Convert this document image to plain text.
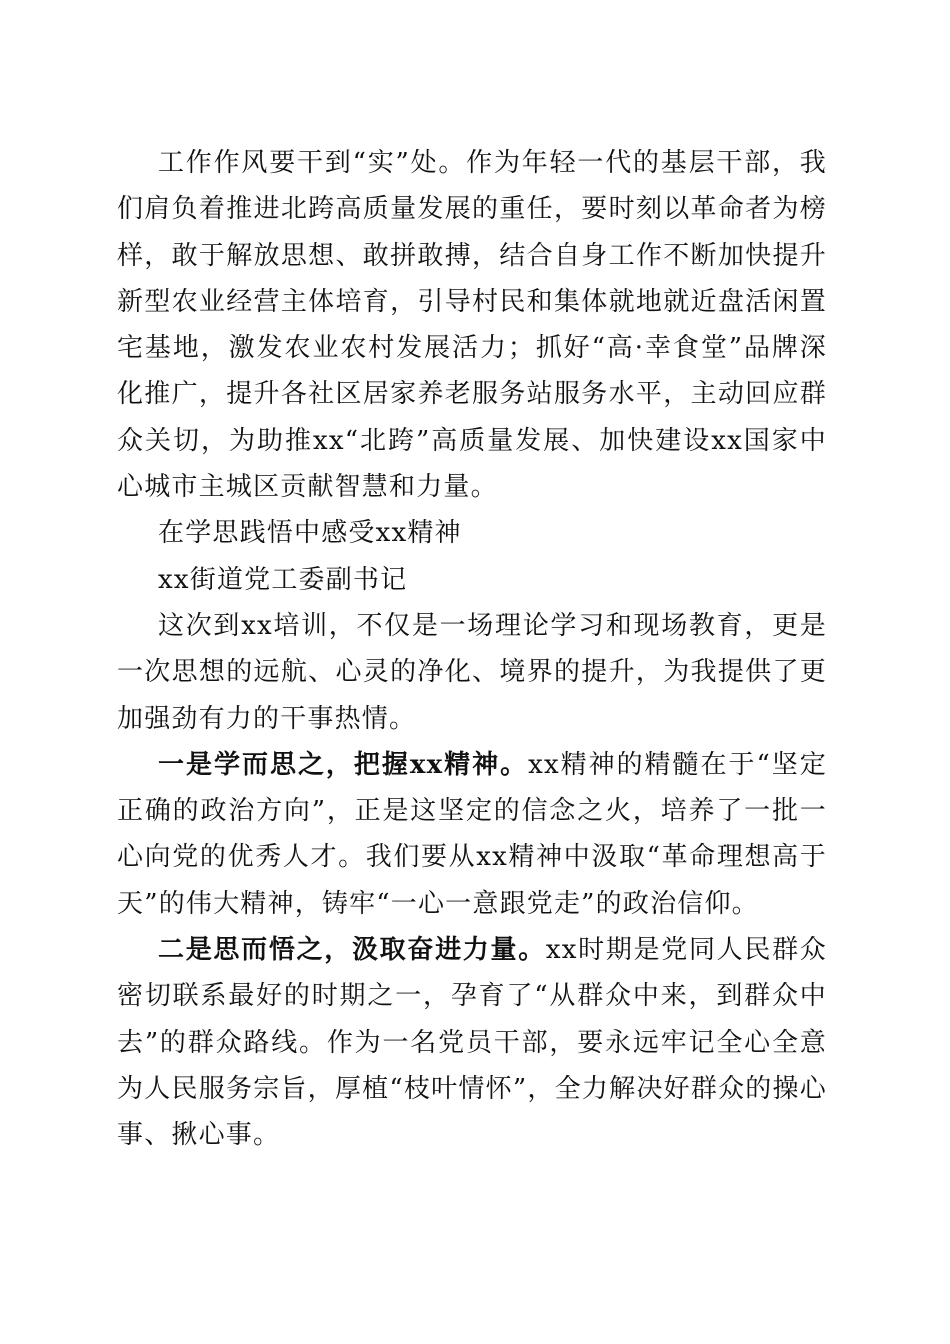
工作作风要干到“实”处。作为年轻一代的基层干部，我们肩负着推进北跨高质量发展的重任，要时刻以革命者为榜样，敢于解放思想、敢拼敢搏，结合自身工作不断加快提升新型农业经营主体培育，引导村民和集体就地就近盘活闲置宅基地，激发农业农村发展活力；抓好“高·幸食堂”品牌深化推广，提升各社区居家养老服务站服务水平，主动回应群众关切，为助推xx“北跨”高质量发展、加快建设xx国家中心城市主城区贡献智慧和力量。

在学思践悟中感受xx精神

xx街道党工委副书记

这次到xx培训，不仅是一场理论学习和现场教育，更是一次思想的远航、心灵的净化、境界的提升，为我提供了更加强劲有力的干事热情。

一是学而思之，把握xx精神。xx精神的精髓在于“坚定正确的政治方向”，正是这坚定的信念之火，培养了一批一心向党的优秀人才。我们要从xx精神中汲取“革命理想高于天”的伟大精神，铸牢“一心一意跟党走”的政治信仰。

二是思而悟之，汲取奋进力量。xx时期是党同人民群众密切联系最好的时期之一，孕育了“从群众中来，到群众中去”的群众路线。作为一名党员干部，要永远牢记全心全意为人民服务宗旨，厚植“枝叶情怀”，全力解决好群众的操心事、揪心事。
